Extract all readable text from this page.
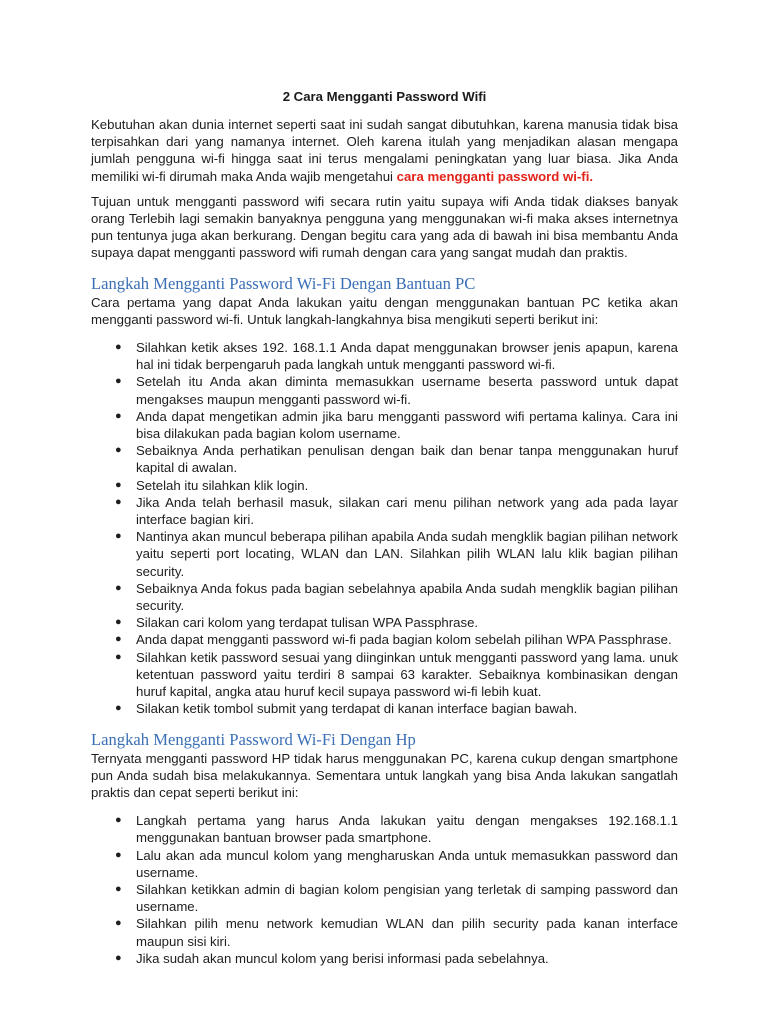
2 Cara Mengganti Password Wifi

Kebutuhan akan dunia internet seperti saat ini sudah sangat dibutuhkan, karena manusia tidak bisa terpisahkan dari yang namanya internet. Oleh karena itulah yang menjadikan alasan mengapa jumlah pengguna wi-fi hingga saat ini terus mengalami peningkatan yang luar biasa. Jika Anda memiliki wi-fi dirumah maka Anda wajib mengetahui cara mengganti password wi-fi.

Tujuan untuk mengganti password wifi secara rutin yaitu supaya wifi Anda tidak diakses banyak orang Terlebih lagi semakin banyaknya pengguna yang menggunakan wi-fi maka akses internetnya pun tentunya juga akan berkurang. Dengan begitu cara yang ada di bawah ini bisa membantu Anda supaya dapat mengganti password wifi rumah dengan cara yang sangat mudah dan praktis.

Langkah Mengganti Password Wi-Fi Dengan Bantuan PC

Cara pertama yang dapat Anda lakukan yaitu dengan menggunakan bantuan PC ketika akan mengganti password wi-fi. Untuk langkah-langkahnya bisa mengikuti seperti berikut ini:

● Silahkan ketik akses 192. 168.1.1 Anda dapat menggunakan browser jenis apapun, karena hal ini tidak berpengaruh pada langkah untuk mengganti password wi-fi.
● Setelah itu Anda akan diminta memasukkan username beserta password untuk dapat mengakses maupun mengganti password wi-fi.
● Anda dapat mengetikan admin jika baru mengganti password wifi pertama kalinya. Cara ini bisa dilakukan pada bagian kolom username.
● Sebaiknya Anda perhatikan penulisan dengan baik dan benar tanpa menggunakan huruf kapital di awalan.
● Setelah itu silahkan klik login.
● Jika Anda telah berhasil masuk, silakan cari menu pilihan network yang ada pada layar interface bagian kiri.
● Nantinya akan muncul beberapa pilihan apabila Anda sudah mengklik bagian pilihan network yaitu seperti port locating, WLAN dan LAN. Silahkan pilih WLAN lalu klik bagian pilihan security.
● Sebaiknya Anda fokus pada bagian sebelahnya apabila Anda sudah mengklik bagian pilihan security.
● Silakan cari kolom yang terdapat tulisan WPA Passphrase.
● Anda dapat mengganti password wi-fi pada bagian kolom sebelah pilihan WPA Passphrase.
● Silahkan ketik password sesuai yang diinginkan untuk mengganti password yang lama. unuk ketentuan password yaitu terdiri 8 sampai 63 karakter. Sebaiknya kombinasikan dengan huruf kapital, angka atau huruf kecil supaya password wi-fi lebih kuat.
● Silakan ketik tombol submit yang terdapat di kanan interface bagian bawah.
Langkah Mengganti Password Wi-Fi Dengan Hp

Ternyata mengganti password HP tidak harus menggunakan PC, karena cukup dengan smartphone pun Anda sudah bisa melakukannya. Sementara untuk langkah yang bisa Anda lakukan sangatlah praktis dan cepat seperti berikut ini:

● Langkah pertama yang harus Anda lakukan yaitu dengan mengakses 192.168.1.1 menggunakan bantuan browser pada smartphone.
● Lalu akan ada muncul kolom yang mengharuskan Anda untuk memasukkan password dan username.
● Silahkan ketikkan admin di bagian kolom pengisian yang terletak di samping password dan username.
● Silahkan pilih menu network kemudian WLAN dan pilih security pada kanan interface maupun sisi kiri.
● Jika sudah akan muncul kolom yang berisi informasi pada sebelahnya.
